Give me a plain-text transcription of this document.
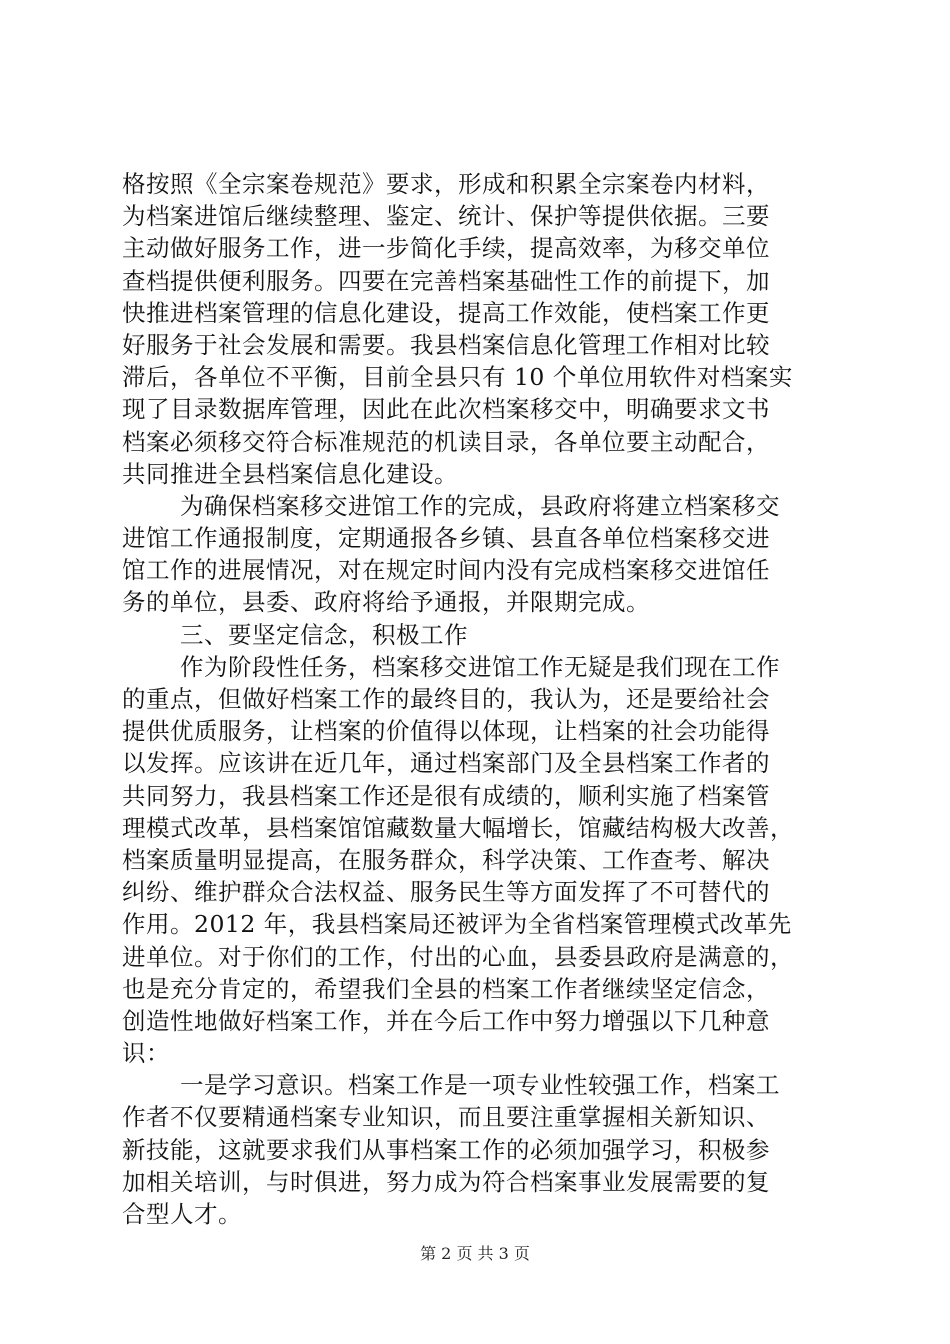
格按照《全宗案卷规范》要求，形成和积累全宗案卷内材料，
为档案进馆后继续整理、鉴定、统计、保护等提供依据。三要
主动做好服务工作，进一步简化手续，提高效率，为移交单位
查档提供便利服务。四要在完善档案基础性工作的前提下，加
快推进档案管理的信息化建设，提高工作效能，使档案工作更
好服务于社会发展和需要。我县档案信息化管理工作相对比较
滞后，各单位不平衡，目前全县只有 10 个单位用软件对档案实
现了目录数据库管理，因此在此次档案移交中，明确要求文书
档案必须移交符合标准规范的机读目录，各单位要主动配合，
共同推进全县档案信息化建设。
为确保档案移交进馆工作的完成，县政府将建立档案移交
进馆工作通报制度，定期通报各乡镇、县直各单位档案移交进
馆工作的进展情况，对在规定时间内没有完成档案移交进馆任
务的单位，县委、政府将给予通报，并限期完成。
三、要坚定信念，积极工作
作为阶段性任务，档案移交进馆工作无疑是我们现在工作
的重点，但做好档案工作的最终目的，我认为，还是要给社会
提供优质服务，让档案的价值得以体现，让档案的社会功能得
以发挥。应该讲在近几年，通过档案部门及全县档案工作者的
共同努力，我县档案工作还是很有成绩的，顺利实施了档案管
理模式改革，县档案馆馆藏数量大幅增长，馆藏结构极大改善，
档案质量明显提高，在服务群众，科学决策、工作查考、解决
纠纷、维护群众合法权益、服务民生等方面发挥了不可替代的
作用。2012 年，我县档案局还被评为全省档案管理模式改革先
进单位。对于你们的工作，付出的心血，县委县政府是满意的，
也是充分肯定的，希望我们全县的档案工作者继续坚定信念，
创造性地做好档案工作，并在今后工作中努力增强以下几种意
识：
一是学习意识。档案工作是一项专业性较强工作，档案工
作者不仅要精通档案专业知识，而且要注重掌握相关新知识、
新技能，这就要求我们从事档案工作的必须加强学习，积极参
加相关培训，与时俱进，努力成为符合档案事业发展需要的复
合型人才。
第 2 页 共 3 页
